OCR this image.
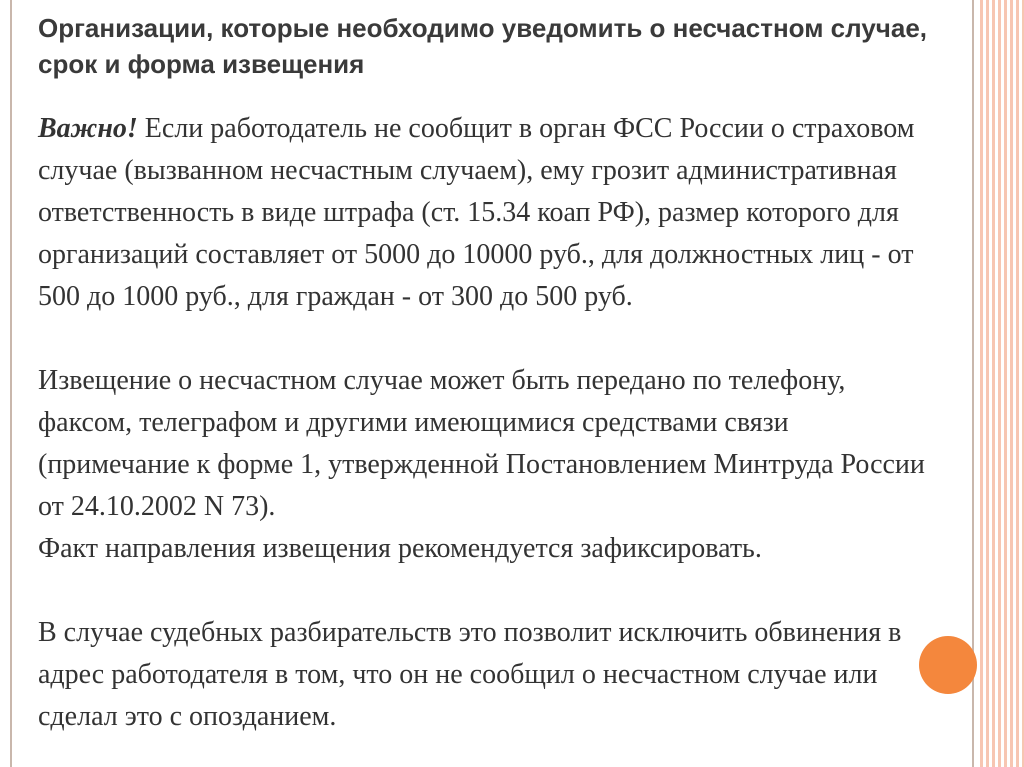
Организации, которые необходимо уведомить о несчастном случае, срок и форма извещения

Важно! Если работодатель не сообщит в орган ФСС России о страховом случае (вызванном несчастным случаем), ему грозит административная ответственность в виде штрафа (ст. 15.34 коап РФ), размер которого для организаций составляет от 5000 до 10000 руб., для должностных лиц - от 500 до 1000 руб., для граждан - от 300 до 500 руб.

Извещение о несчастном случае может быть передано по телефону, факсом, телеграфом и другими имеющимися средствами связи (примечание к форме 1, утвержденной Постановлением Минтруда России от 24.10.2002 N 73).
Факт направления извещения рекомендуется зафиксировать.

В случае судебных разбирательств это позволит исключить обвинения в адрес работодателя в том, что он не сообщил о несчастном случае или сделал это с опозданием.
